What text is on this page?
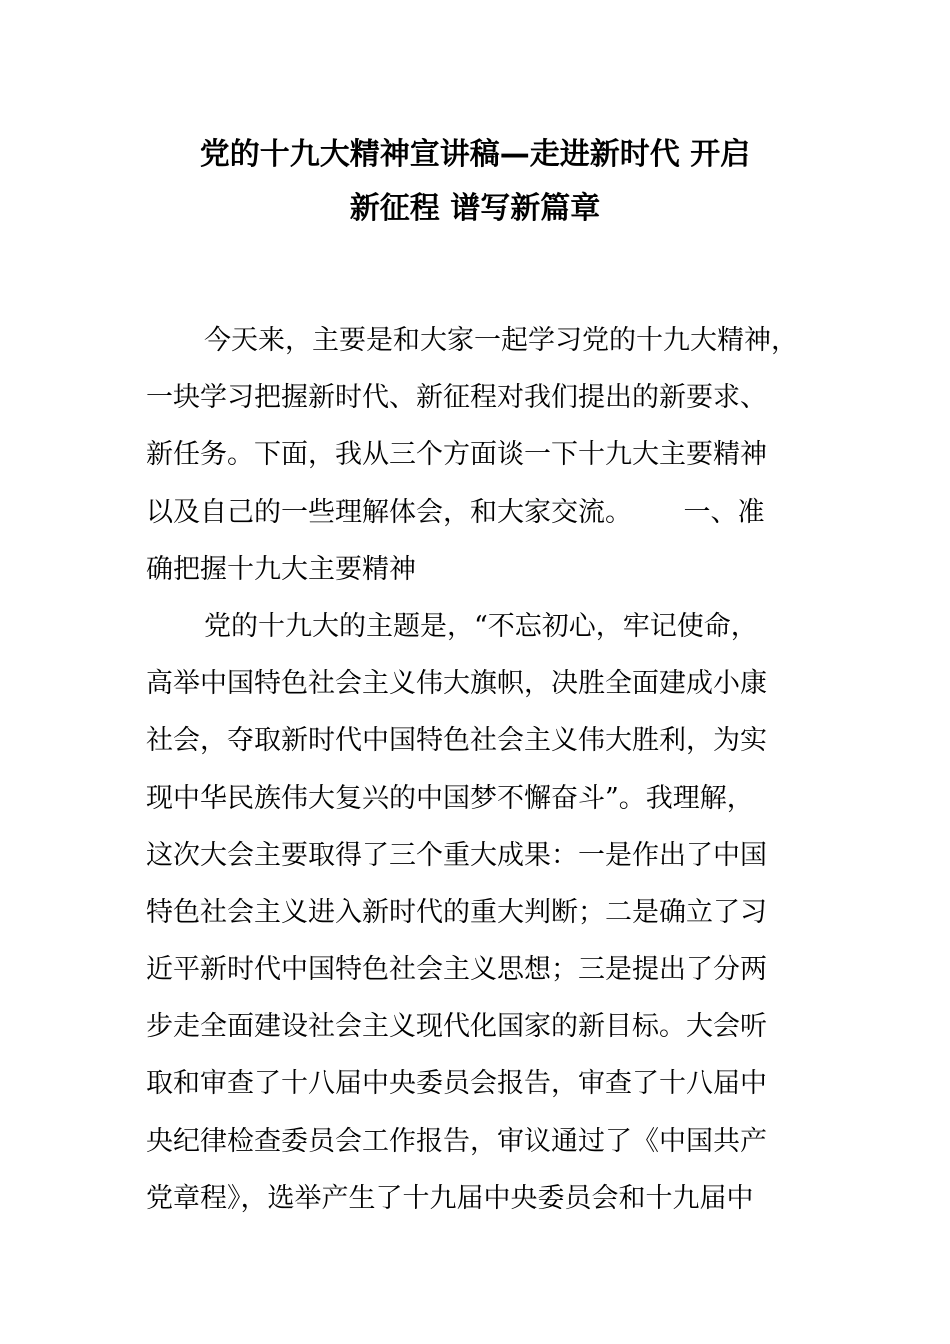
党的十九大精神宣讲稿—走进新时代 开启
新征程 谱写新篇章
今天来，主要是和大家一起学习党的十九大精神，
一块学习把握新时代、新征程对我们提出的新要求、
新任务。下面，我从三个方面谈一下十九大主要精神
以及自己的一些理解体会，和大家交流。      一、准
确把握十九大主要精神
党的十九大的主题是，“不忘初心，牢记使命，
高举中国特色社会主义伟大旗帜，决胜全面建成小康
社会，夺取新时代中国特色社会主义伟大胜利，为实
现中华民族伟大复兴的中国梦不懈奋斗”。我理解，
这次大会主要取得了三个重大成果：一是作出了中国
特色社会主义进入新时代的重大判断；二是确立了习
近平新时代中国特色社会主义思想；三是提出了分两
步走全面建设社会主义现代化国家的新目标。大会听
取和审查了十八届中央委员会报告，审查了十八届中
央纪律检查委员会工作报告，审议通过了《中国共产
党章程》，选举产生了十九届中央委员会和十九届中
